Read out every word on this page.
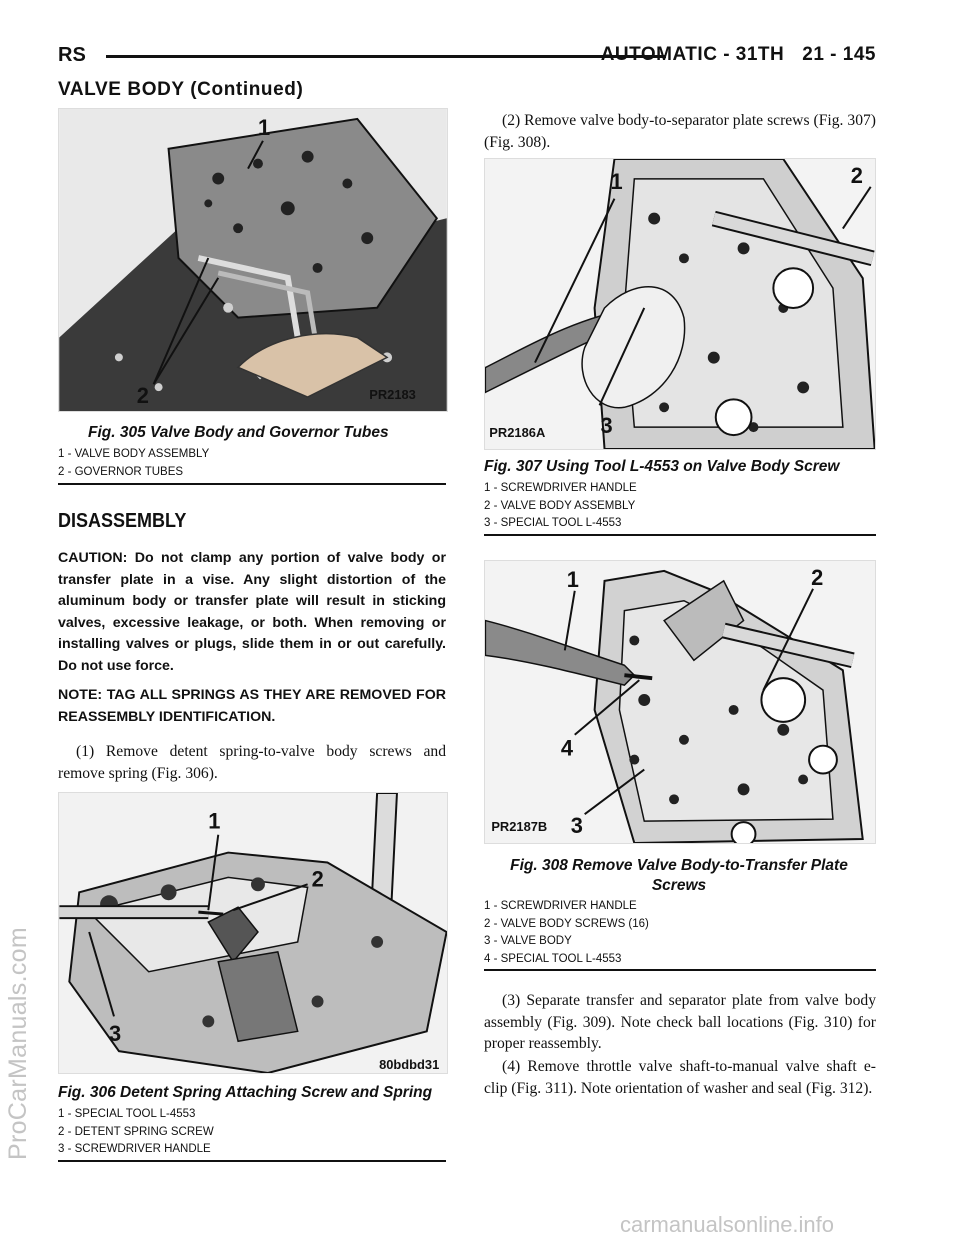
ProCarManuals.com
carmanualsonline.info
RS	AUTOMATIC - 31TH 21 - 145
VALVE BODY (Continued)
1
2	PR2183
Fig. 305 Valve Body and Governor Tubes
1 - VALVE BODY ASSEMBLY
2 - GOVERNOR TUBES
DISASSEMBLY
CAUTION: Do not clamp any portion of valve body or transfer plate in a vise. Any slight distortion of the aluminum body or transfer plate will result in sticking valves, excessive leakage, or both. When removing or installing valves or plugs, slide them in or out carefully. Do not use force.
NOTE: TAG ALL SPRINGS AS THEY ARE REMOVED FOR REASSEMBLY IDENTIFICATION.
(1) Remove detent spring-to-valve body screws and remove spring (Fig. 306).
1
2
3
80bdbd31
Fig. 306 Detent Spring Attaching Screw and Spring
1 - SPECIAL TOOL L-4553
2 - DETENT SPRING SCREW
3 - SCREWDRIVER HANDLE
(2) Remove valve body-to-separator plate screws (Fig. 307) (Fig. 308).
1	2
3
PR2186A
Fig. 307 Using Tool L-4553 on Valve Body Screw
1 - SCREWDRIVER HANDLE
2 - VALVE BODY ASSEMBLY
3 - SPECIAL TOOL L-4553
1	2
3
4
PR2187B
Fig. 308 Remove Valve Body-to-Transfer Plate
Screws
1 - SCREWDRIVER HANDLE
2 - VALVE BODY SCREWS (16)
3 - VALVE BODY
4 - SPECIAL TOOL L-4553
(3) Separate transfer and separator plate from valve body assembly (Fig. 309). Note check ball locations (Fig. 310) for proper reassembly.
(4) Remove throttle valve shaft-to-manual valve shaft e-clip (Fig. 311). Note orientation of washer and seal (Fig. 312).
